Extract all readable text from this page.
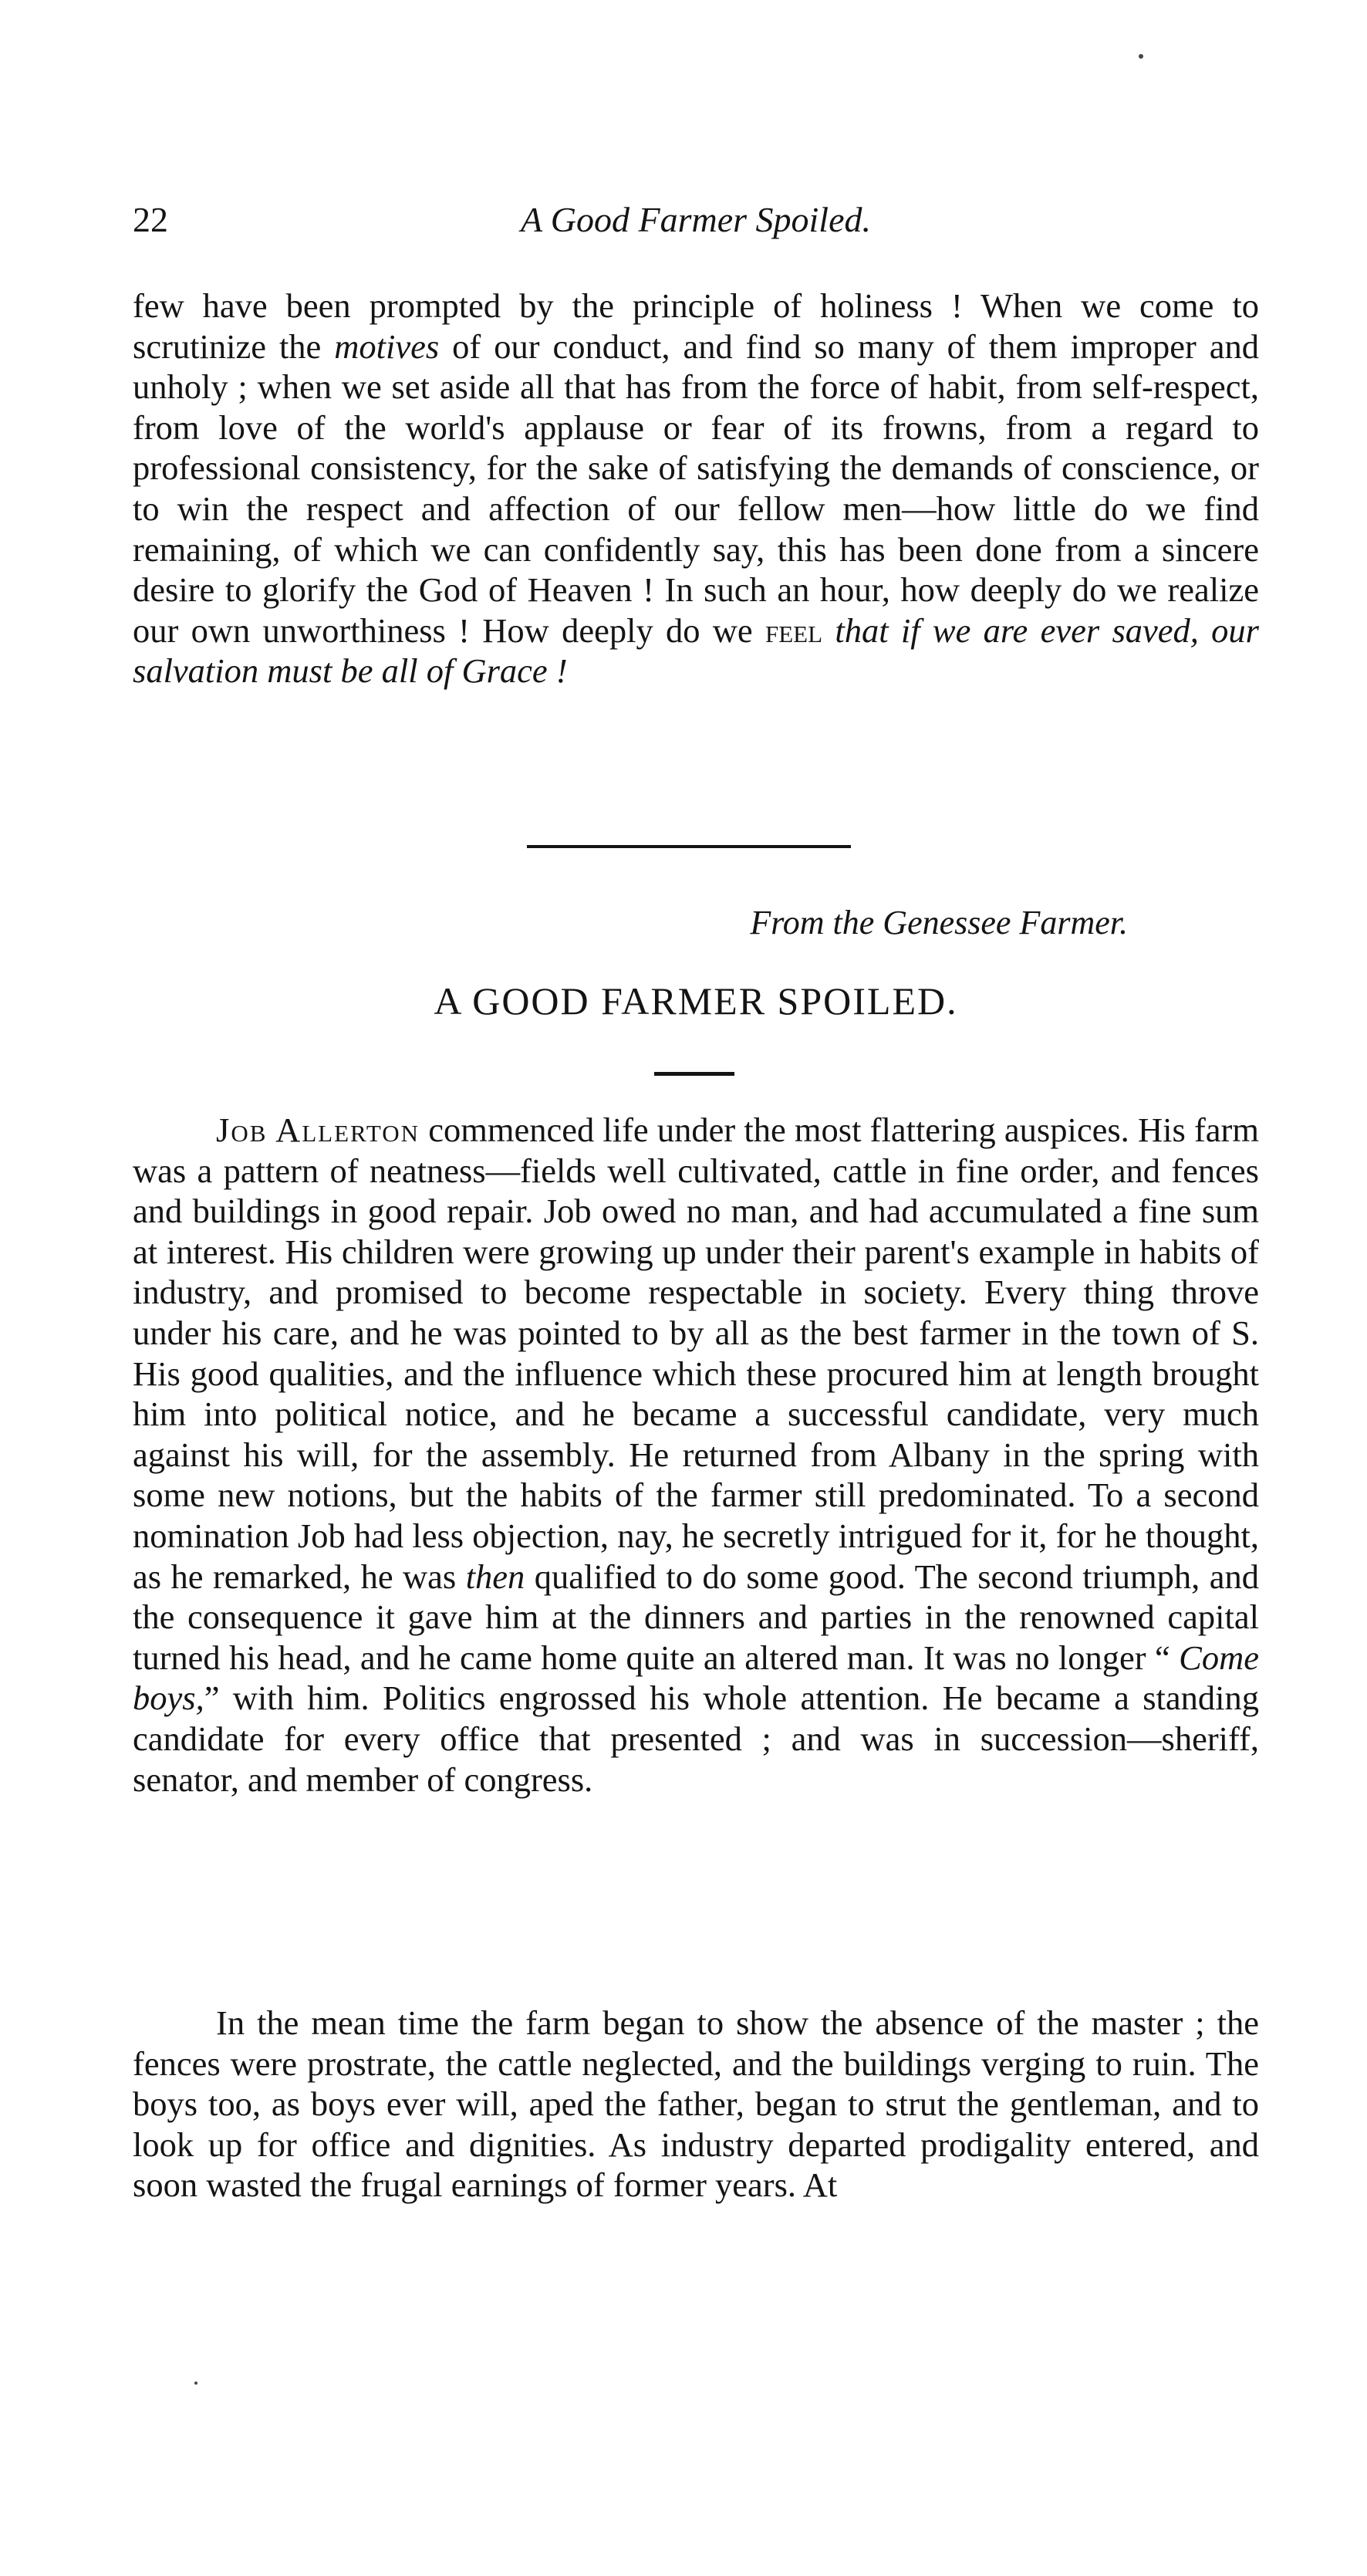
22	A Good Farmer Spoiled.

few have been prompted by the principle of holiness ! When we come to scrutinize the motives of our conduct, and find so many of them improper and unholy ; when we set aside all that has from the force of habit, from self-respect, from love of the world's applause or fear of its frowns, from a regard to professional consistency, for the sake of satisfying the demands of conscience, or to win the respect and affection of our fellow men—how little do we find remaining, of which we can confidently say, this has been done from a sincere desire to glorify the God of Heaven ! In such an hour, how deeply do we realize our own unworthiness ! How deeply do we feel that if we are ever saved, our salvation must be all of Grace !

From the Genessee Farmer.
A GOOD FARMER SPOILED.

Job Allerton commenced life under the most flattering auspices. His farm was a pattern of neatness—fields well cultivated, cattle in fine order, and fences and buildings in good repair. Job owed no man, and had accumulated a fine sum at interest. His children were growing up under their parent's example in habits of industry, and promised to become respectable in society. Every thing throve under his care, and he was pointed to by all as the best farmer in the town of S. His good qualities, and the influence which these procured him at length brought him into political notice, and he became a successful candidate, very much against his will, for the assembly. He returned from Albany in the spring with some new notions, but the habits of the farmer still predominated. To a second nomination Job had less objection, nay, he secretly intrigued for it, for he thought, as he remarked, he was then qualified to do some good. The second triumph, and the consequence it gave him at the dinners and parties in the renowned capital turned his head, and he came home quite an altered man. It was no longer “ Come boys,” with him. Politics engrossed his whole attention. He became a standing candidate for every office that presented ; and was in succession—sheriff, senator, and member of congress.

In the mean time the farm began to show the absence of the master ; the fences were prostrate, the cattle neglected, and the buildings verging to ruin. The boys too, as boys ever will, aped the father, began to strut the gentleman, and to look up for office and dignities. As industry departed prodigality entered, and soon wasted the frugal earnings of former years. At
